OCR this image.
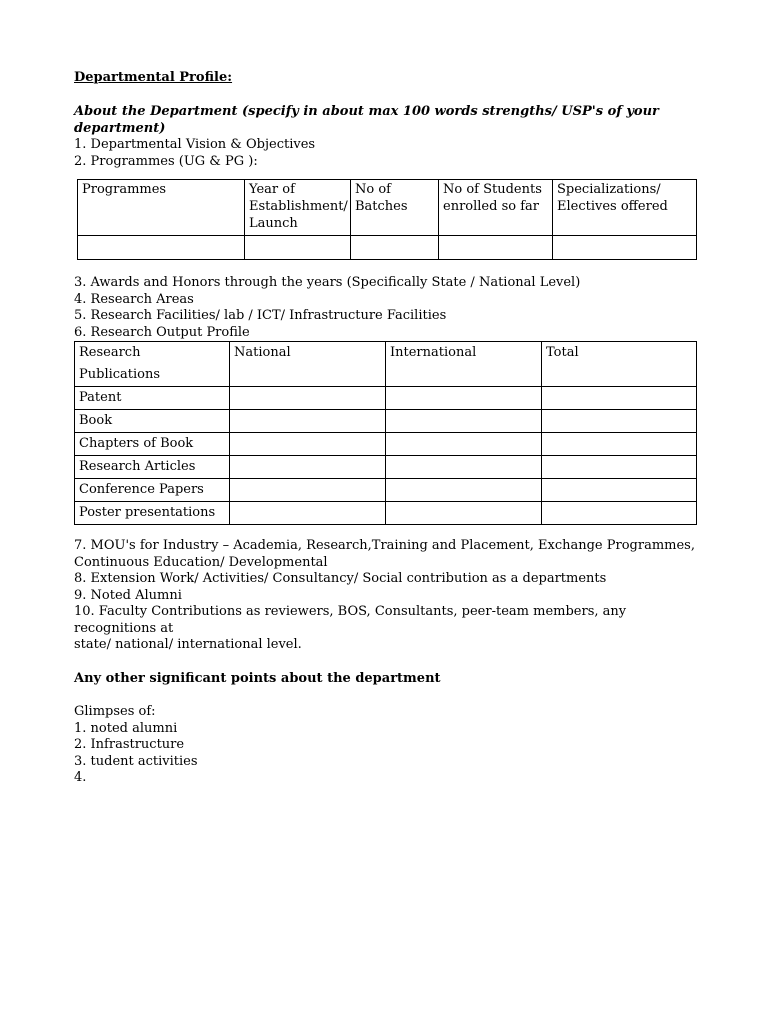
Departmental Profile:
About the Department (specify in about max 100 words strengths/ USP's of your department)
1. Departmental Vision & Objectives
2. Programmes (UG & PG ):
Programmes	Year of Establishment/ Launch	No of Batches	No of Students enrolled so far	Specializations/ Electives offered

3. Awards and Honors through the years (Specifically State / National Level)
4. Research Areas
5. Research Facilities/ lab / ICT/ Infrastructure Facilities
6. Research Output Profile
Research Publications	National	International	Total
Patent			
Book			
Chapters of Book			
Research Articles			
Conference Papers			
Poster presentations			
7. MOU's for Industry – Academia, Research,Training and Placement, Exchange Programmes,
Continuous Education/ Developmental
8. Extension Work/ Activities/ Consultancy/ Social contribution as a departments
9. Noted Alumni
10. Faculty Contributions as reviewers, BOS, Consultants, peer-team members, any recognitions at
state/ national/ international level.
Any other significant points about the department
Glimpses of:
1. noted alumni
2. Infrastructure
3. tudent activities
4.
